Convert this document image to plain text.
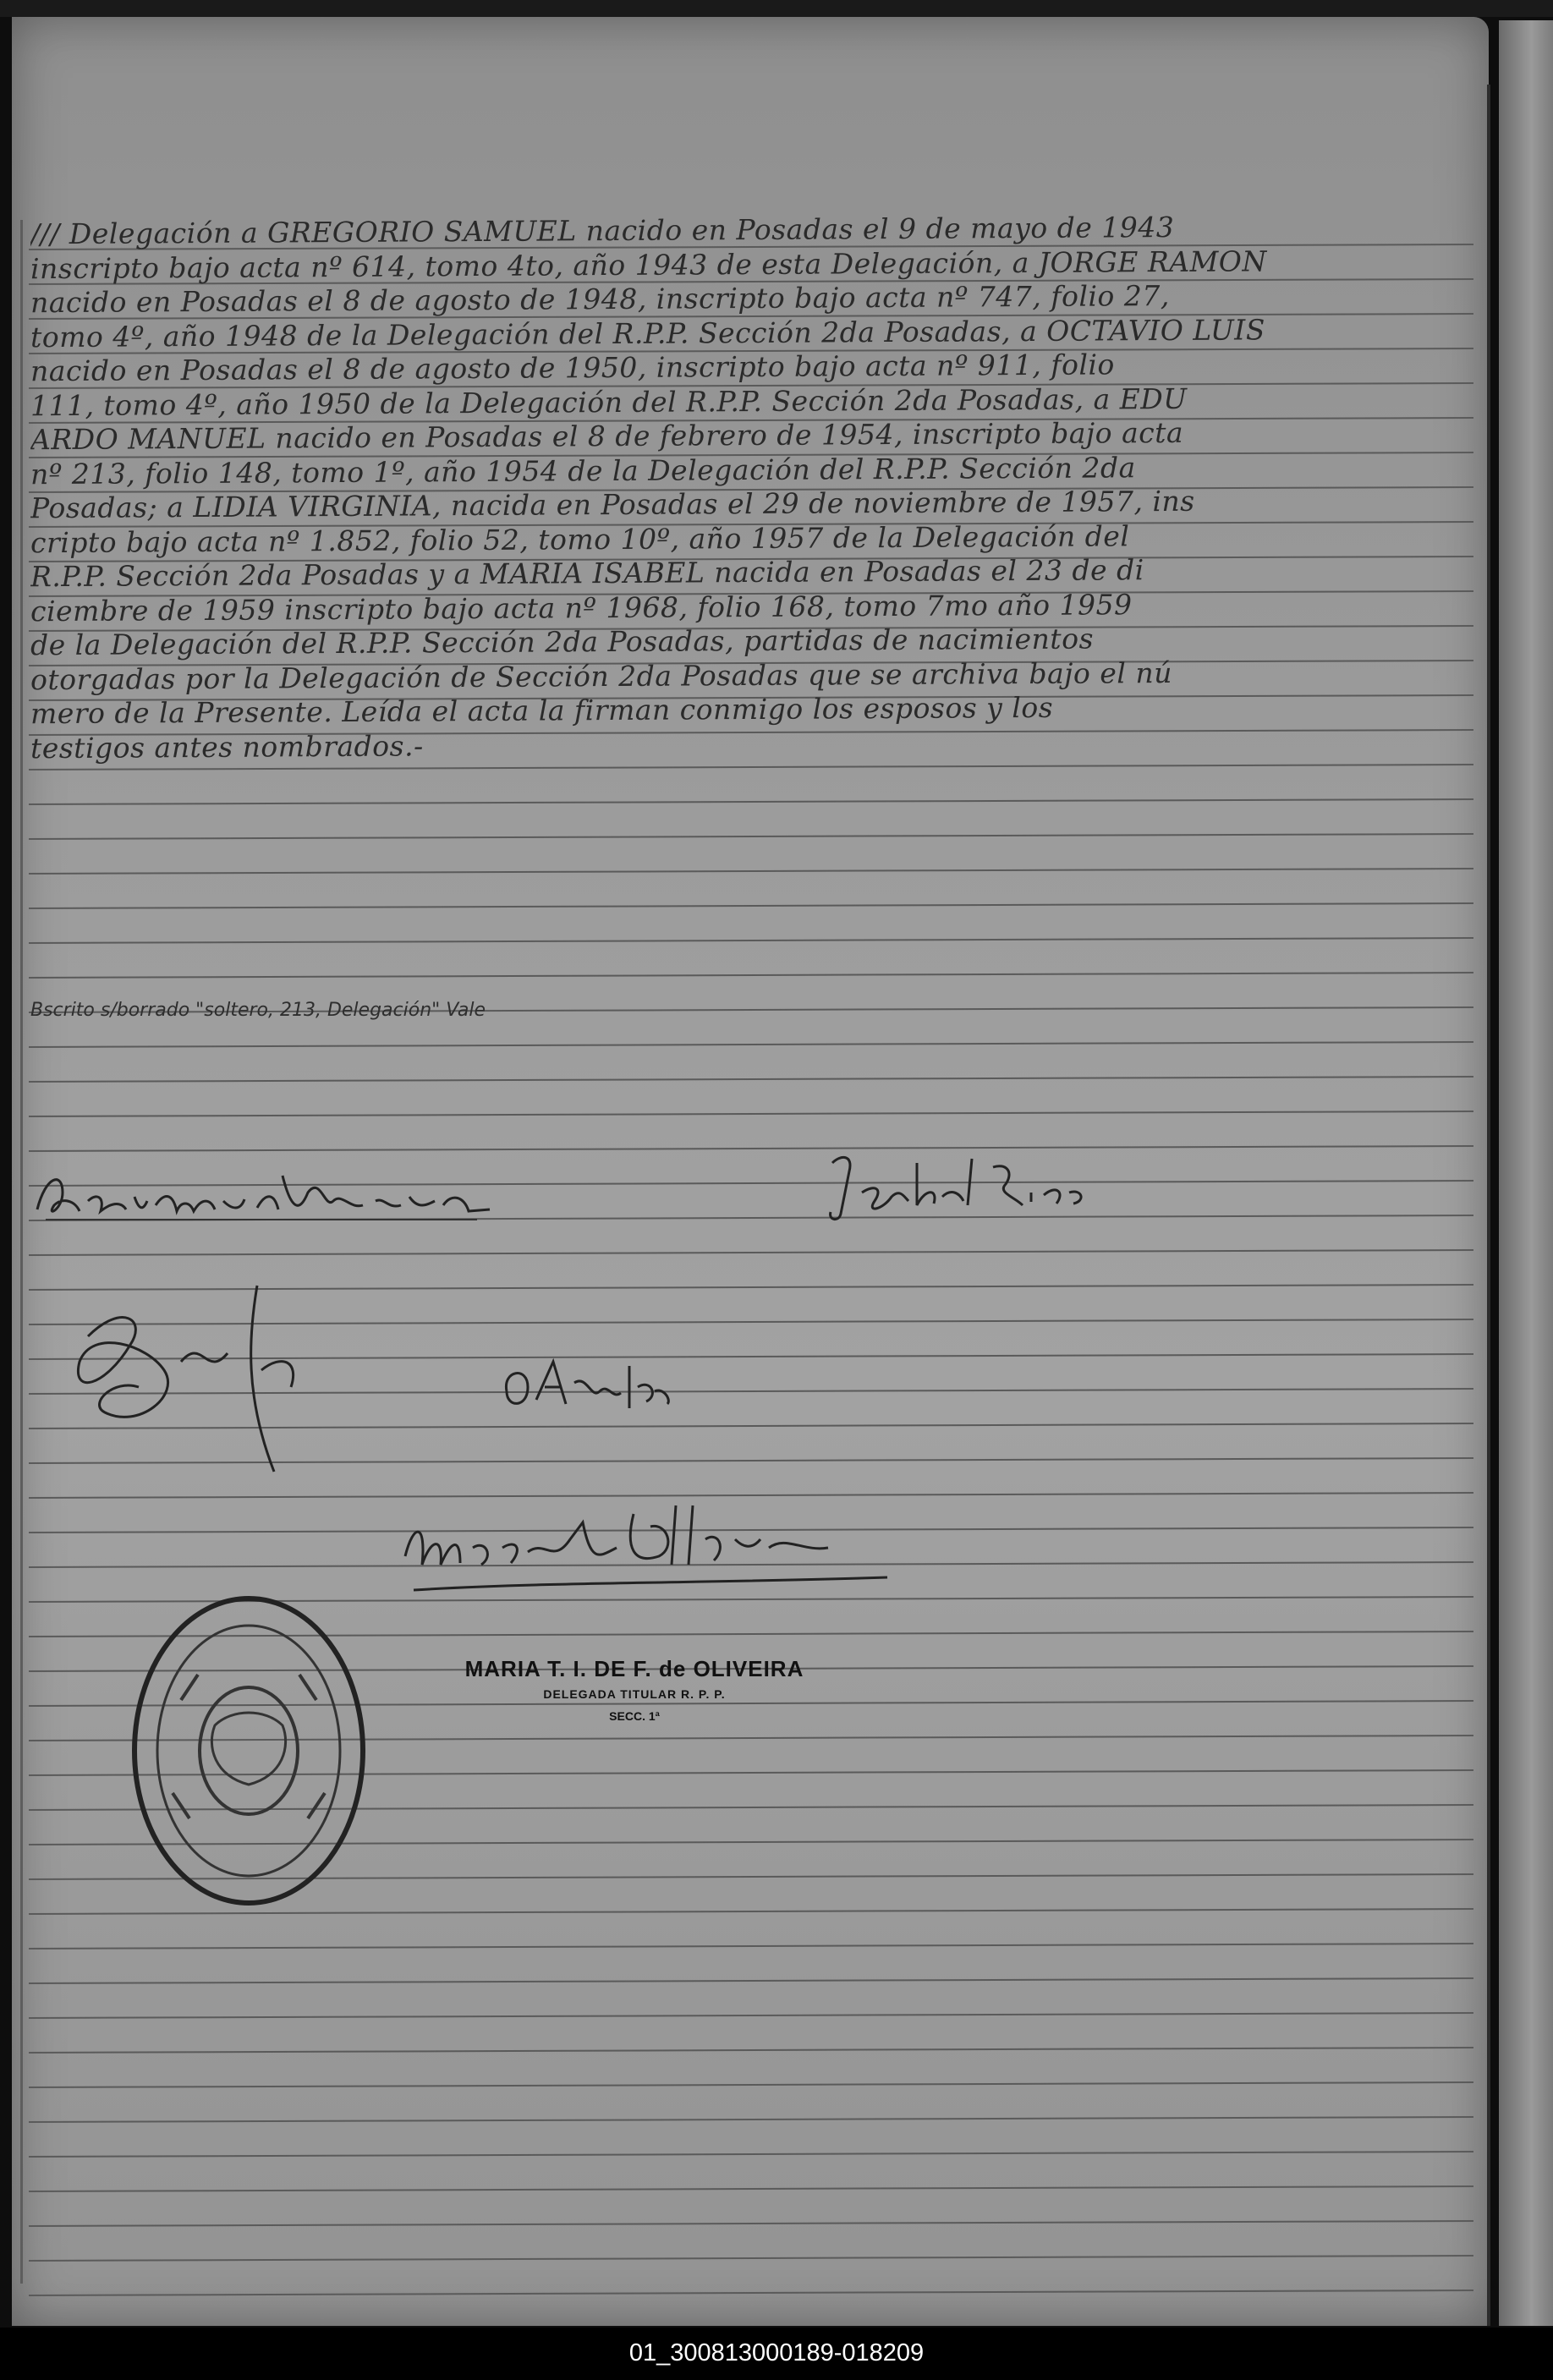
/// Delegación a GREGORIO SAMUEL nacido en Posadas el 9 de mayo de 1943
inscripto bajo acta nº 614, tomo 4to, año 1943 de esta Delegación, a JORGE RAMON
nacido en Posadas el 8 de agosto de 1948, inscripto bajo acta nº 747, folio 27,
tomo 4º, año 1948 de la Delegación del R.P.P. Sección 2da Posadas, a OCTAVIO LUIS
nacido en Posadas el 8 de agosto de 1950, inscripto bajo acta nº 911, folio
111, tomo 4º, año 1950 de la Delegación del R.P.P. Sección 2da Posadas, a EDU
ARDO MANUEL nacido en Posadas el 8 de febrero de 1954, inscripto bajo acta
nº 213, folio 148, tomo 1º, año 1954 de la Delegación del R.P.P. Sección 2da
Posadas; a LIDIA VIRGINIA, nacida en Posadas el 29 de noviembre de 1957, ins
cripto bajo acta nº 1.852, folio 52, tomo 10º, año 1957 de la Delegación del
R.P.P. Sección 2da Posadas y a MARIA ISABEL nacida en Posadas el 23 de di
ciembre de 1959 inscripto bajo acta nº 1968, folio 168, tomo 7mo año 1959
de la Delegación del R.P.P. Sección 2da Posadas, partidas de nacimientos
otorgadas por la Delegación de Sección 2da Posadas que se archiva bajo el nú
mero de la Presente. Leída el acta la firman conmigo los esposos y los
testigos antes nombrados.-
Bscrito s/borrado "soltero, 213, Delegación" Vale
MARIA T. I. DE F. de OLIVEIRA
DELEGADA TITULAR R. P. P.
SECC. 1ª
01_300813000189-018209
